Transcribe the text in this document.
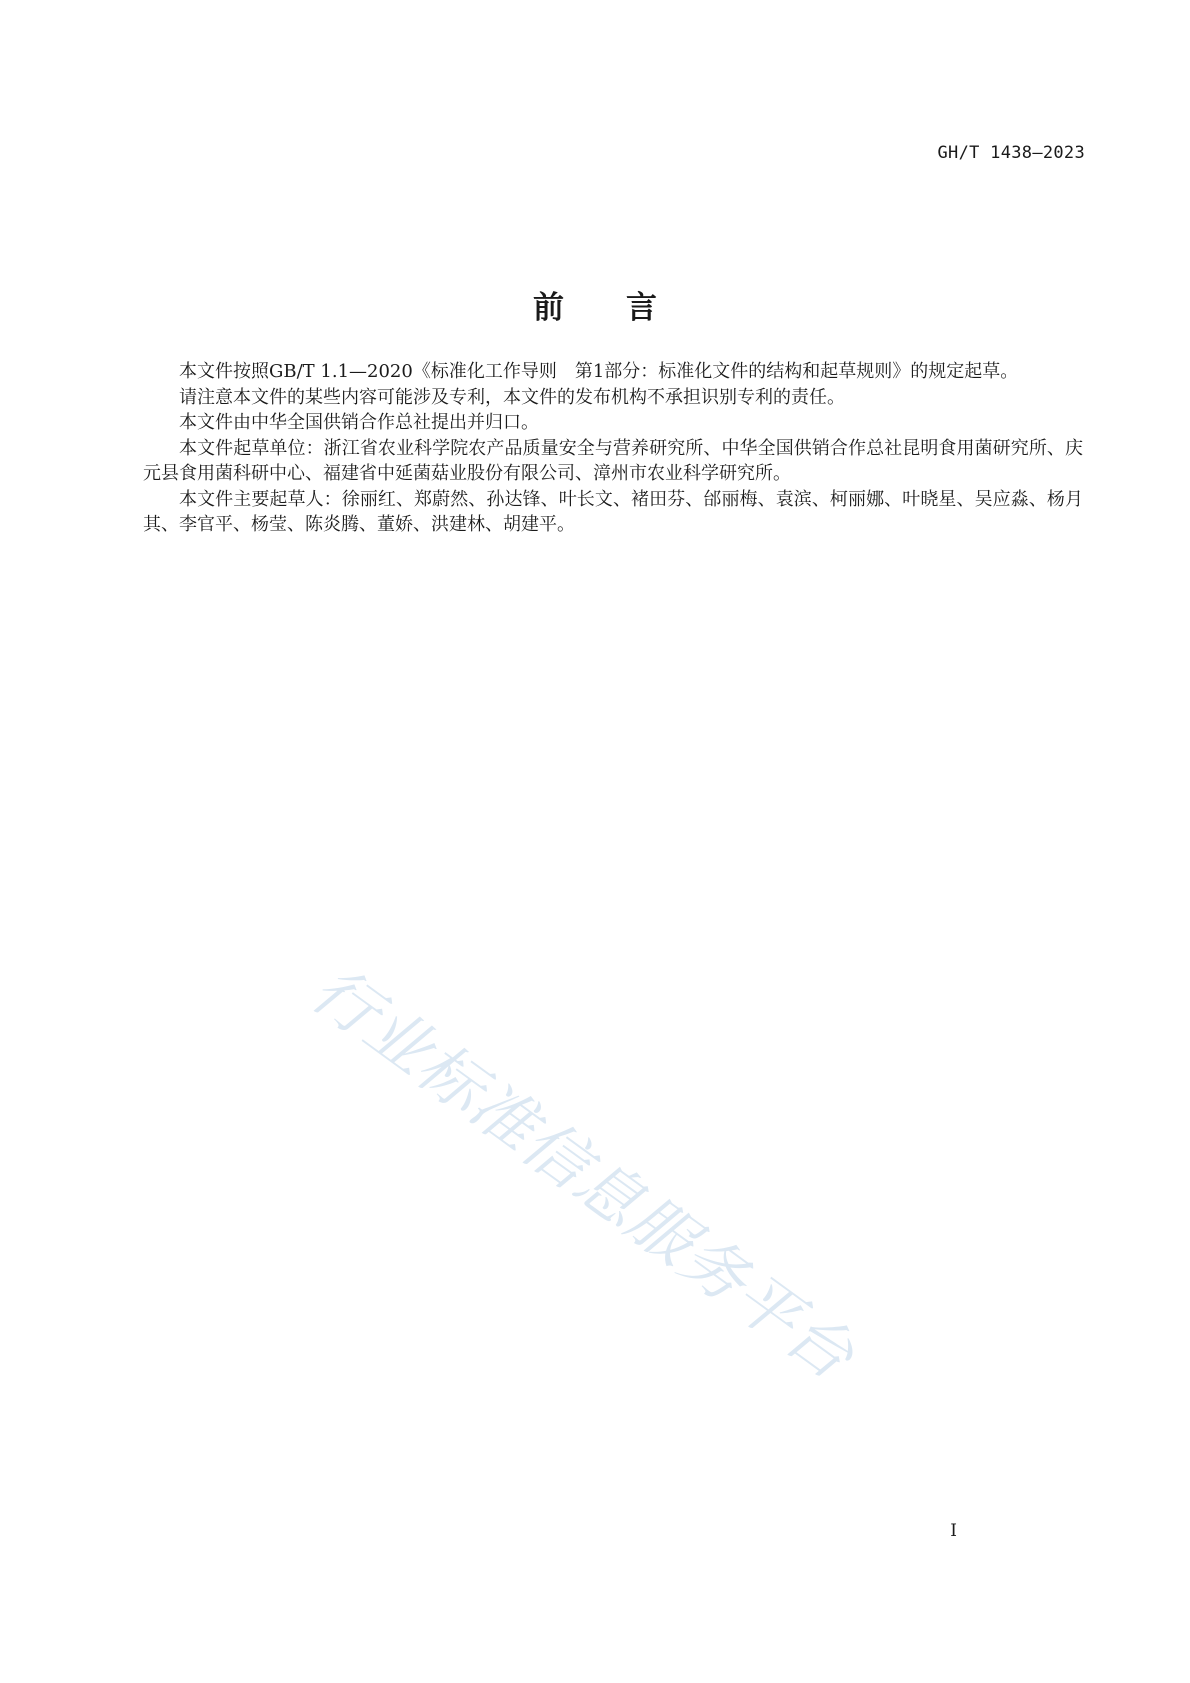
GH/T 1438—2023
前言

本文件按照GB/T 1.1—2020《标准化工作导则　第1部分：标准化文件的结构和起草规则》的规定起草。

请注意本文件的某些内容可能涉及专利，本文件的发布机构不承担识别专利的责任。

本文件由中华全国供销合作总社提出并归口。

本文件起草单位：浙江省农业科学院农产品质量安全与营养研究所、中华全国供销合作总社昆明食用菌研究所、庆元县食用菌科研中心、福建省中延菌菇业股份有限公司、漳州市农业科学研究所。

本文件主要起草人：徐丽红、郑蔚然、孙达锋、叶长文、褚田芬、邰丽梅、袁滨、柯丽娜、叶晓星、吴应淼、杨月其、李官平、杨莹、陈炎腾、董娇、洪建林、胡建平。

行业标准信息服务平台
I
